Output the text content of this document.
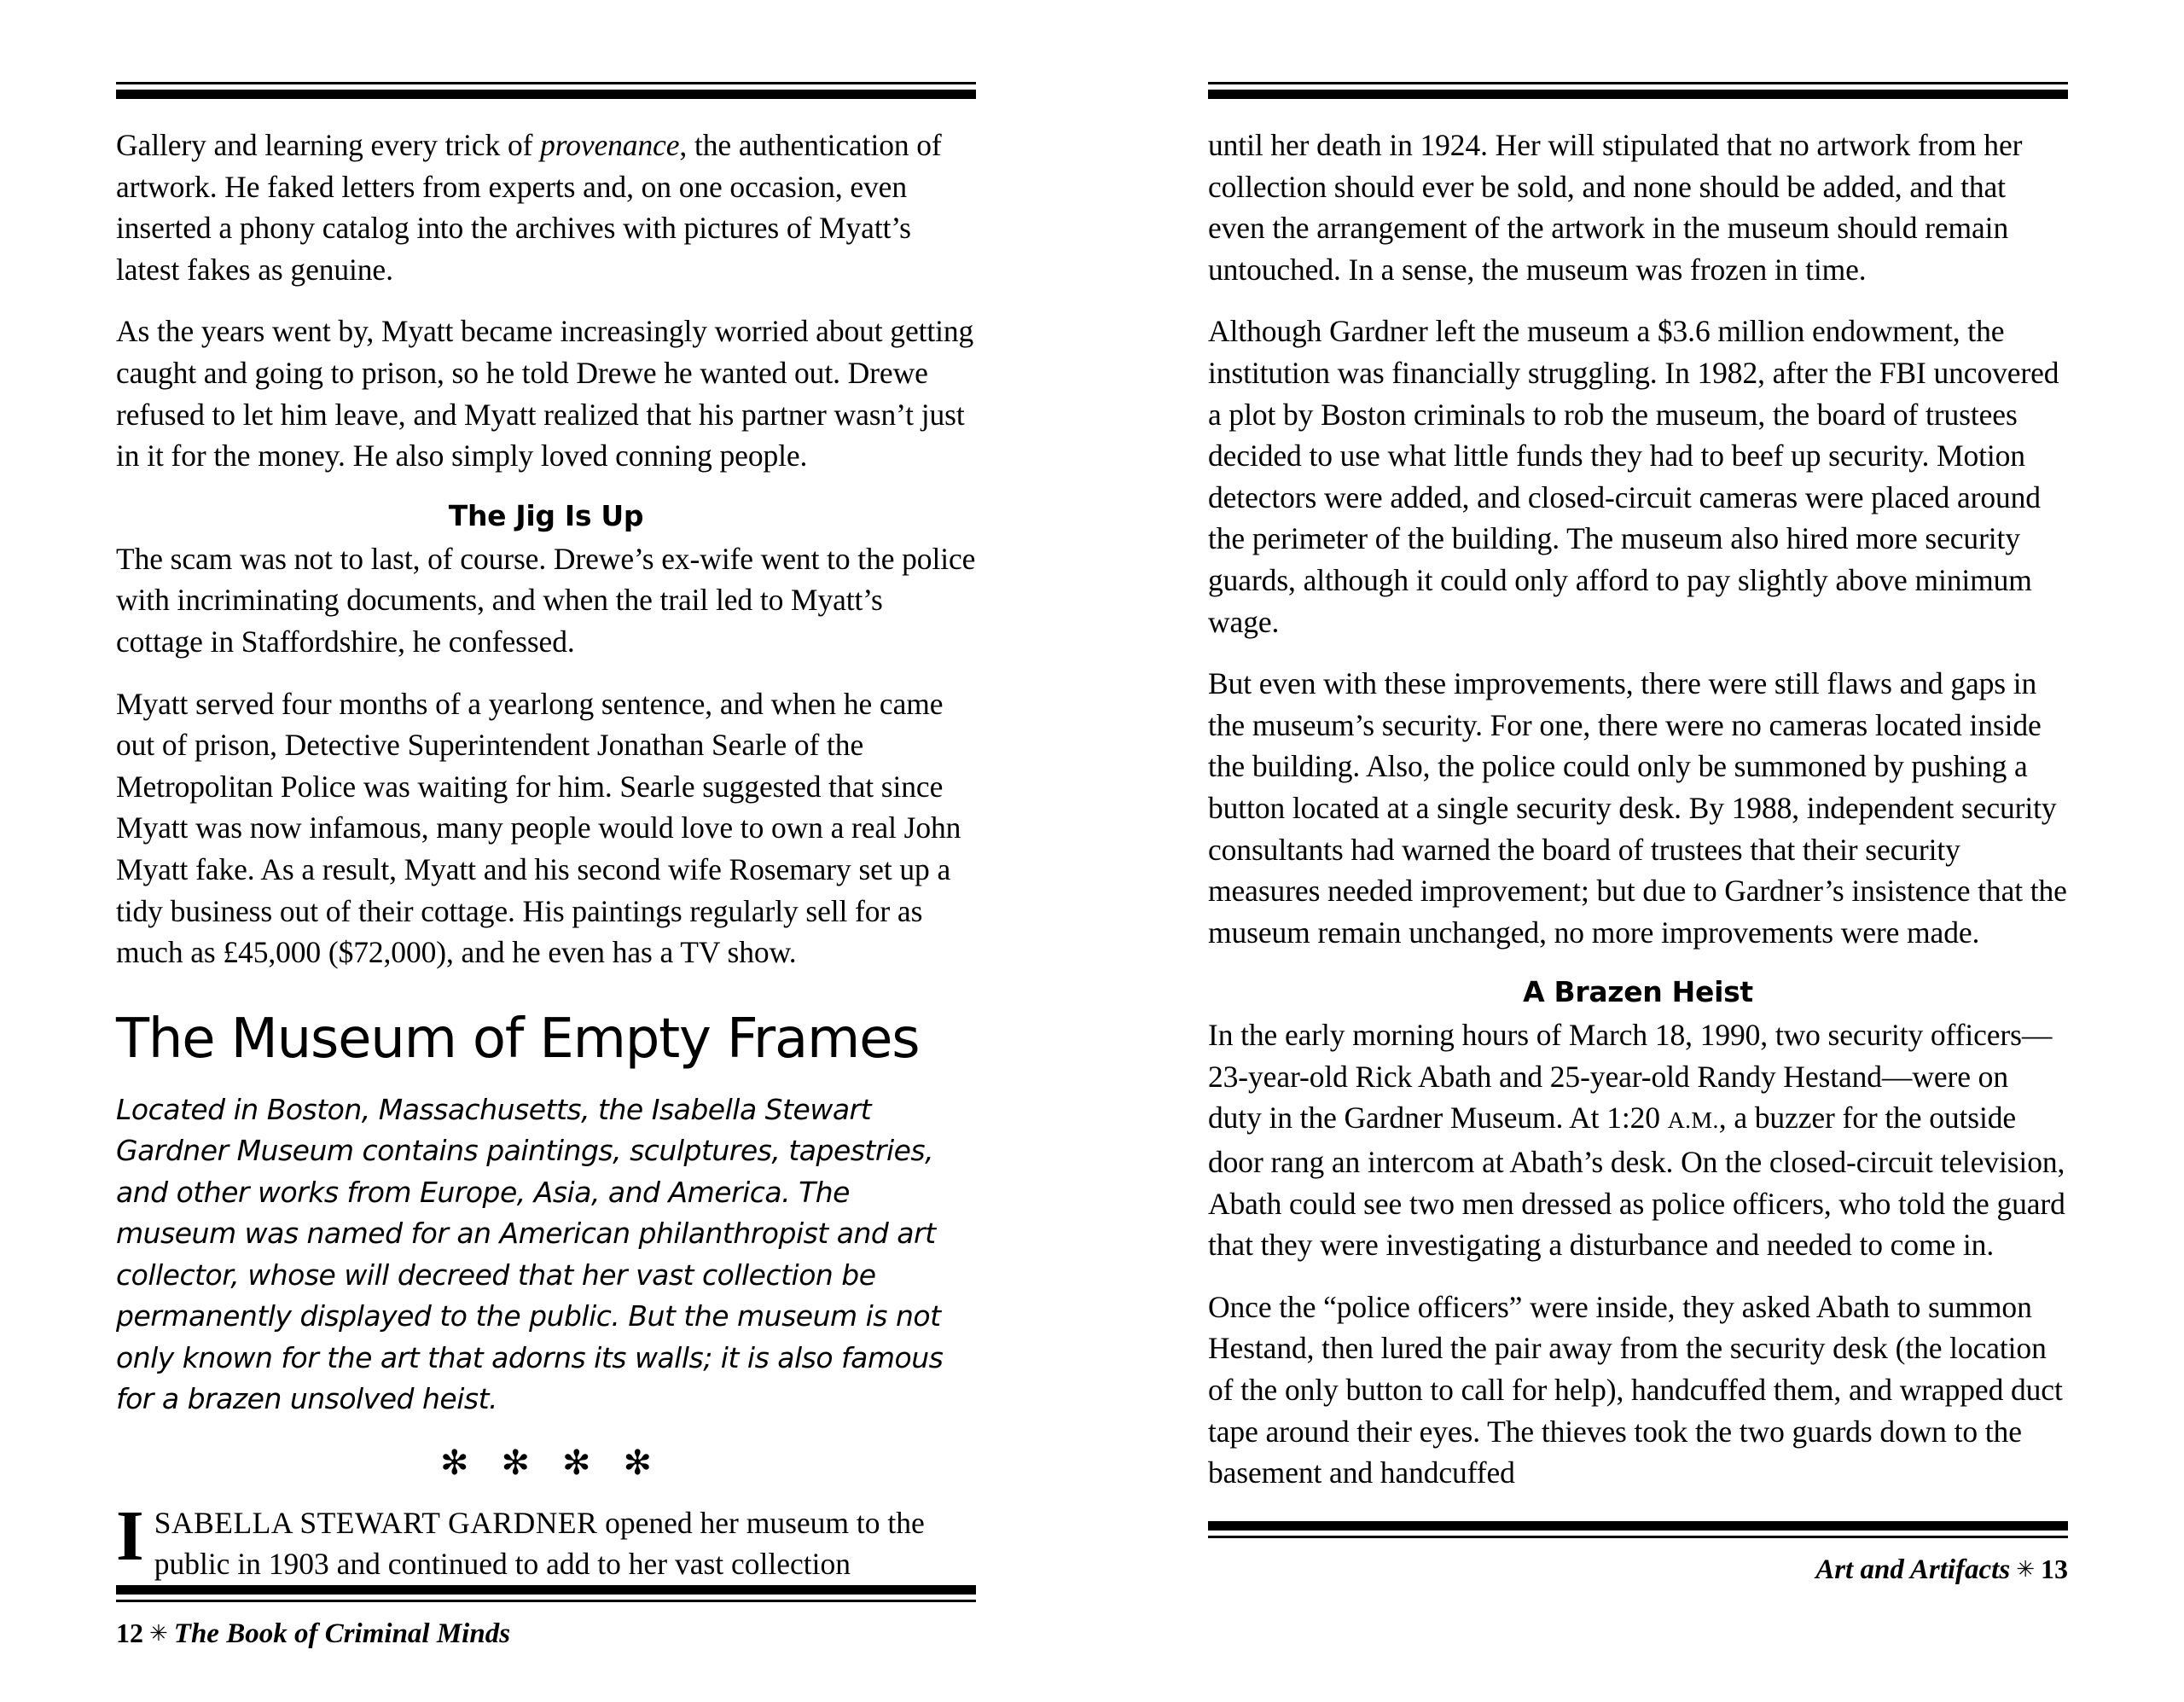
Gallery and learning every trick of provenance, the authentication of artwork. He faked letters from experts and, on one occasion, even inserted a phony catalog into the archives with pictures of Myatt’s latest fakes as genuine.

As the years went by, Myatt became increasingly worried about getting caught and going to prison, so he told Drewe he wanted out. Drewe refused to let him leave, and Myatt realized that his partner wasn’t just in it for the money. He also simply loved conning people.

The Jig Is Up

The scam was not to last, of course. Drewe’s ex-wife went to the police with incriminating documents, and when the trail led to Myatt’s cottage in Staffordshire, he confessed.

Myatt served four months of a yearlong sentence, and when he came out of prison, Detective Superintendent Jonathan Searle of the Metropolitan Police was waiting for him. Searle suggested that since Myatt was now infamous, many people would love to own a real John Myatt fake. As a result, Myatt and his second wife Rosemary set up a tidy business out of their cottage. His paintings regularly sell for as much as £45,000 ($72,000), and he even has a TV show.

The Museum of Empty Frames

Located in Boston, Massachusetts, the Isabella Stewart Gardner Museum contains paintings, sculptures, tapestries, and other works from Europe, Asia, and America. The museum was named for an American philanthropist and art collector, whose will decreed that her vast collection be permanently displayed to the public. But the museum is not only known for the art that adorns its walls; it is also famous for a brazen unsolved heist.

✻✻✻✻

ISABELLA STEWART GARDNER opened her museum to the public in 1903 and continued to add to her vast collection

12 ✳ The Book of Criminal Minds

until her death in 1924. Her will stipulated that no artwork from her collection should ever be sold, and none should be added, and that even the arrangement of the artwork in the museum should remain untouched. In a sense, the museum was frozen in time.

Although Gardner left the museum a $3.6 million endowment, the institution was financially struggling. In 1982, after the FBI uncovered a plot by Boston criminals to rob the museum, the board of trustees decided to use what little funds they had to beef up security. Motion detectors were added, and closed-circuit cameras were placed around the perimeter of the building. The museum also hired more security guards, although it could only afford to pay slightly above minimum wage.

But even with these improvements, there were still flaws and gaps in the museum’s security. For one, there were no cameras located inside the building. Also, the police could only be summoned by pushing a button located at a single security desk. By 1988, independent security consultants had warned the board of trustees that their security measures needed improvement; but due to Gardner’s insistence that the museum remain unchanged, no more improvements were made.

A Brazen Heist

In the early morning hours of March 18, 1990, two security officers—23-year-old Rick Abath and 25-year-old Randy Hestand—were on duty in the Gardner Museum. At 1:20 A.M., a buzzer for the outside door rang an intercom at Abath’s desk. On the closed-circuit television, Abath could see two men dressed as police officers, who told the guard that they were investigating a disturbance and needed to come in.

Once the “police officers” were inside, they asked Abath to summon Hestand, then lured the pair away from the security desk (the location of the only button to call for help), handcuffed them, and wrapped duct tape around their eyes. The thieves took the two guards down to the basement and handcuffed

Art and Artifacts ✳ 13
